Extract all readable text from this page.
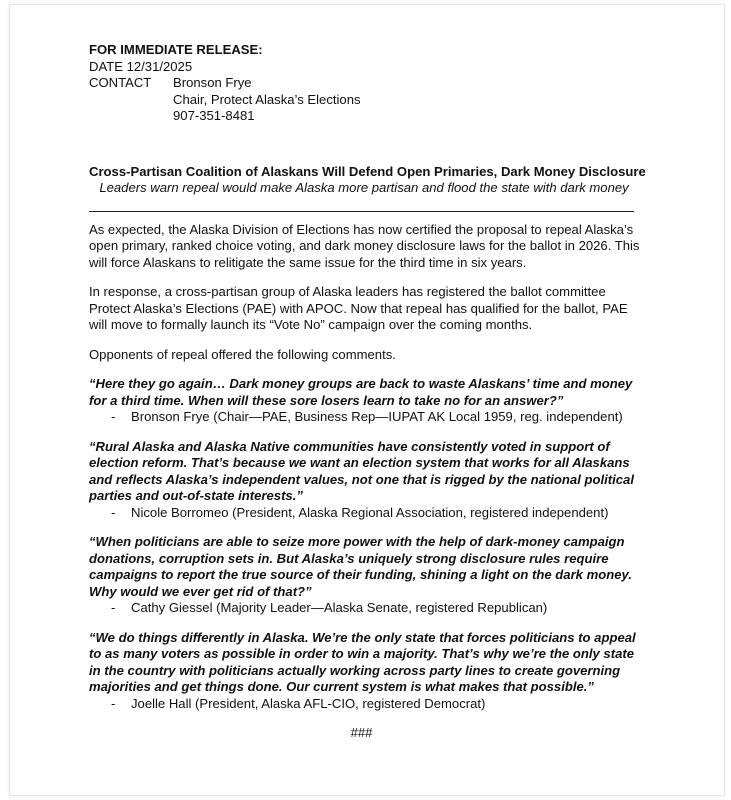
FOR IMMEDIATE RELEASE:
DATE 12/31/2025
CONTACT	Bronson Frye
Chair, Protect Alaska’s Elections
907-351-8481
Cross-Partisan Coalition of Alaskans Will Defend Open Primaries, Dark Money Disclosure
Leaders warn repeal would make Alaska more partisan and flood the state with dark money

As expected, the Alaska Division of Elections has now certified the proposal to repeal Alaska’s open primary, ranked choice voting, and dark money disclosure laws for the ballot in 2026. This will force Alaskans to relitigate the same issue for the third time in six years.

In response, a cross-partisan group of Alaska leaders has registered the ballot committee Protect Alaska’s Elections (PAE) with APOC. Now that repeal has qualified for the ballot, PAE will move to formally launch its “Vote No” campaign over the coming months.

Opponents of repeal offered the following comments.

“Here they go again… Dark money groups are back to waste Alaskans’ time and money for a third time. When will these sore losers learn to take no for an answer?”

-	Bronson Frye (Chair—PAE, Business Rep—IUPAT AK Local 1959, reg. independent)

“Rural Alaska and Alaska Native communities have consistently voted in support of election reform. That’s because we want an election system that works for all Alaskans and reflects Alaska’s independent values, not one that is rigged by the national political parties and out-of-state interests.”

-	Nicole Borromeo (President, Alaska Regional Association, registered independent)

“When politicians are able to seize more power with the help of dark-money campaign donations, corruption sets in. But Alaska’s uniquely strong disclosure rules require campaigns to report the true source of their funding, shining a light on the dark money. Why would we ever get rid of that?”

-	Cathy Giessel (Majority Leader—Alaska Senate, registered Republican)

“We do things differently in Alaska. We’re the only state that forces politicians to appeal to as many voters as possible in order to win a majority. That’s why we’re the only state in the country with politicians actually working across party lines to create governing majorities and get things done. Our current system is what makes that possible.”

-	Joelle Hall (President, Alaska AFL-CIO, registered Democrat)
###
